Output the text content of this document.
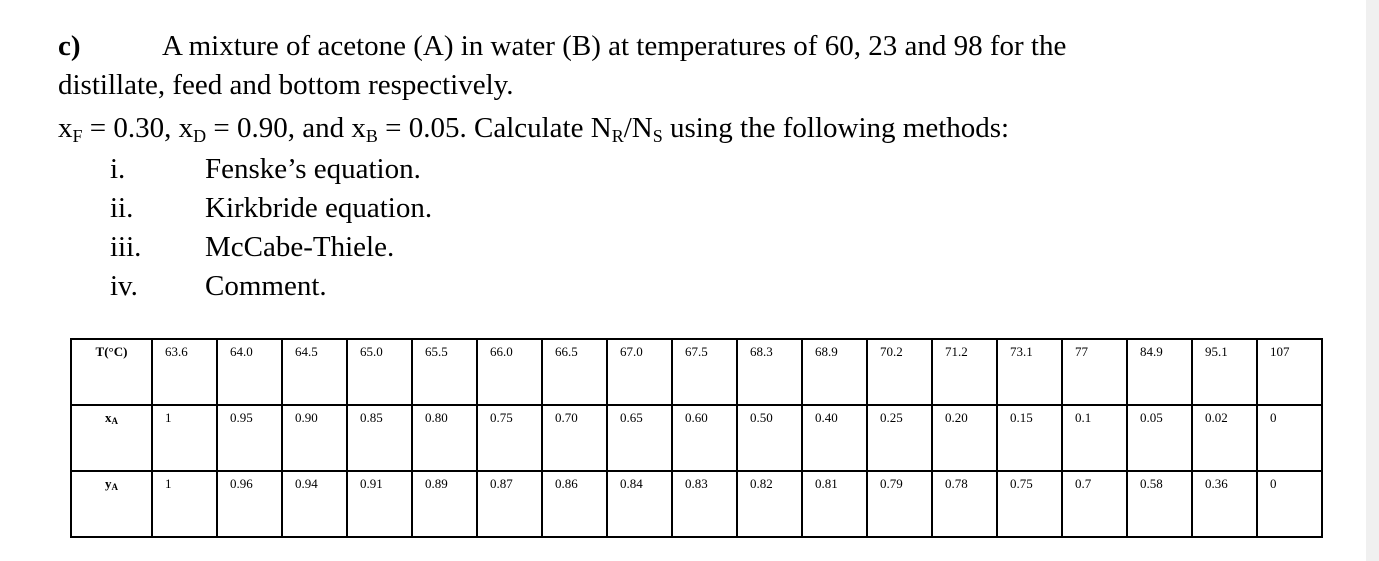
c)	A mixture of acetone (A) in water (B) at temperatures of 60, 23 and 98 for the
distillate, feed and bottom respectively.
$x_F = 0.30$, $x_D = 0.90$, and $x_B = 0.05$. Calculate $N_R/N_S$ using the following methods:
i.	Fenske’s equation.
ii. Kirkbride equation.
iii. McCabe-Thiele.
iv. Comment.
T(°C)	63.6	64.0	64.5	65.0	65.5	66.0	66.5	67.0	67.5	68.3	68.9	70.2	71.2	73.1	77	84.9	95.1	107
xA	1	0.95	0.90	0.85	0.80	0.75	0.70	0.65	0.60	0.50	0.40	0.25	0.20	0.15	0.1	0.05	0.02	0
yA	1	0.96	0.94	0.91	0.89	0.87	0.86	0.84	0.83	0.82	0.81	0.79	0.78	0.75	0.7	0.58	0.36	0
